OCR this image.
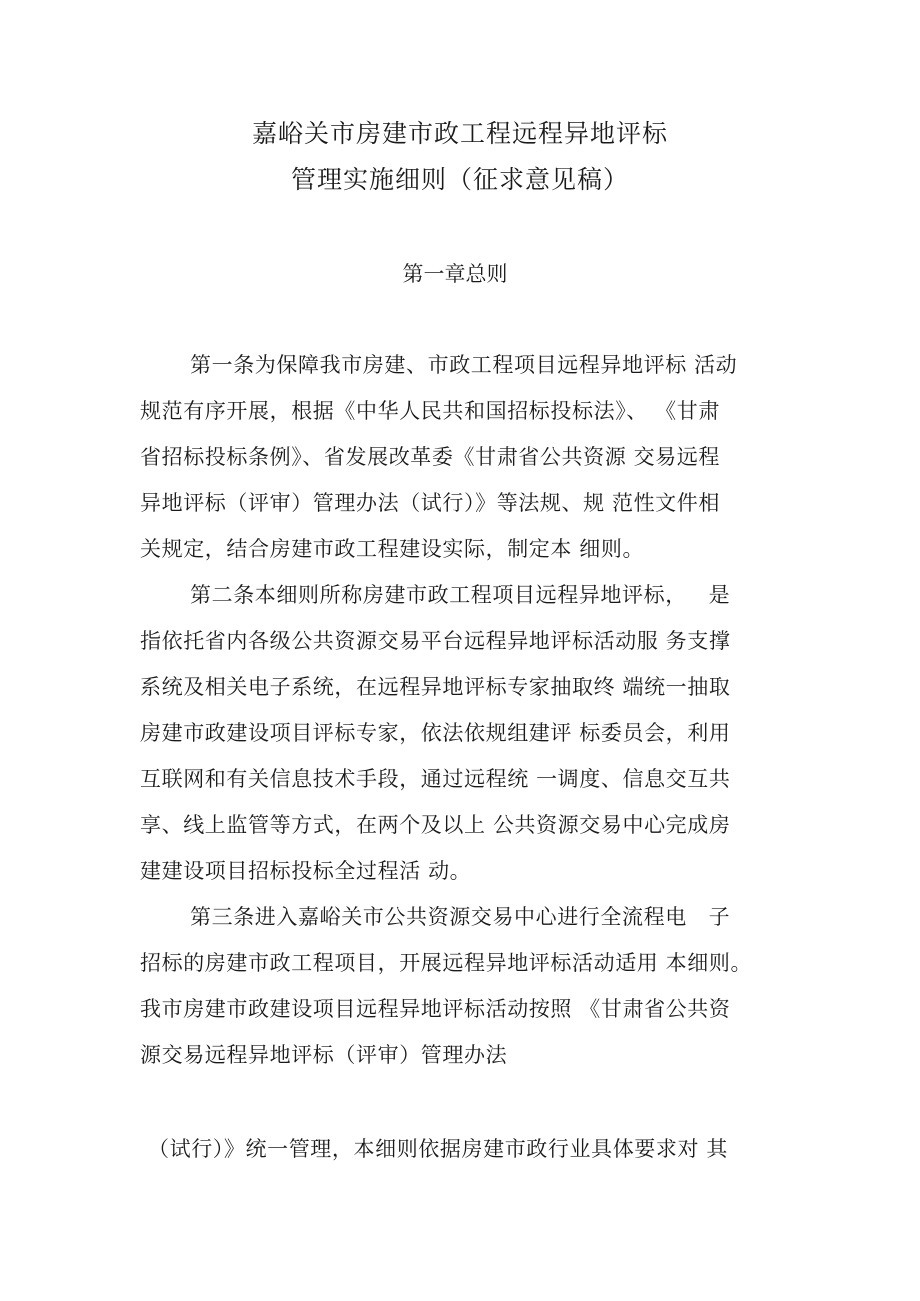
嘉峪关市房建市政工程远程异地评标
管理实施细则（征求意见稿）
第一章总则
第一条为保障我市房建、市政工程项目远程异地评标 活动
规范有序开展，根据《中华人民共和国招标投标法》、 《甘肃
省招标投标条例》、省发展改革委《甘肃省公共资源 交易远程
异地评标（评审）管理办法（试行）》等法规、规 范性文件相
关规定，结合房建市政工程建设实际，制定本 细则。
第二条本细则所称房建市政工程项目远程异地评标，   是
指依托省内各级公共资源交易平台远程异地评标活动服 务支撑
系统及相关电子系统，在远程异地评标专家抽取终 端统一抽取
房建市政建设项目评标专家，依法依规组建评 标委员会，利用
互联网和有关信息技术手段，通过远程统 一调度、信息交互共
享、线上监管等方式，在两个及以上 公共资源交易中心完成房
建建设项目招标投标全过程活 动。
第三条进入嘉峪关市公共资源交易中心进行全流程电   子
招标的房建市政工程项目，开展远程异地评标活动适用 本细则。
我市房建市政建设项目远程异地评标活动按照 《甘肃省公共资
源交易远程异地评标（评审）管理办法
（试行）》统一管理，本细则依据房建市政行业具体要求对 其
